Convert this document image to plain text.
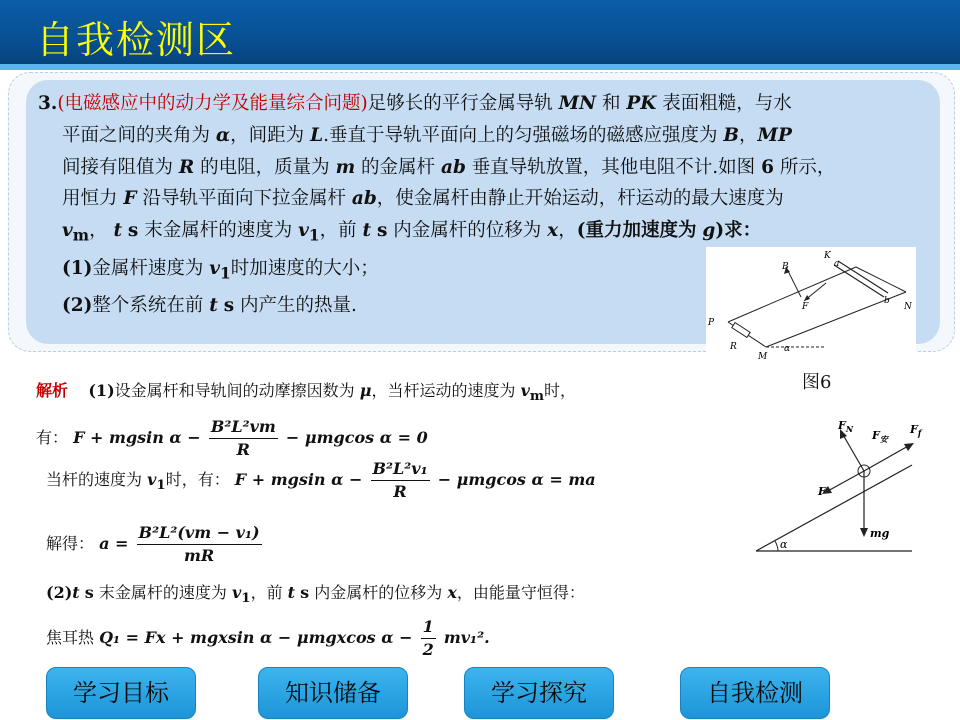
自我检测区
3.(电磁感应中的动力学及能量综合问题)足够长的平行金属导轨 MN 和 PK 表面粗糙，与水
平面之间的夹角为 α，间距为 L.垂直于导轨平面向上的匀强磁场的磁感应强度为 B，MP
间接有阻值为 R 的电阻，质量为 m 的金属杆 ab 垂直导轨放置，其他电阻不计.如图 6 所示，
用恒力 F 沿导轨平面向下拉金属杆 ab，使金属杆由静止开始运动，杆运动的最大速度为
$v_m$， t s 末金属杆的速度为 $v_1$，前 t s 内金属杆的位移为 x，(重力加速度为 g)求：
(1)金属杆速度为 $v_1$时加速度的大小；
(2)整个系统在前 t s 内产生的热量.
B
K
a
F
b
N
P
R	α
M
图6
解析 (1)设金属杆和导轨间的动摩擦因数为 μ，当杆运动的速度为 $v_m$时，
有： F + mgsin $\alpha - \frac{\text{B²L²vm}}{R} - \mu mgcos$ α = 0
当杆的速度为 $v_1$时，有： F + mgsin $\alpha - \frac{\text{B²L²v₁}}{R} - \mu mgcos$ α = ma
解得： $a = \frac{\text{B²L²(vm − v₁)}}{mR}$
(2)t s 末金属杆的速度为 $v_1$，前 t s 内金属杆的位移为 x，由能量守恒得：
焦耳热 Q₁ = Fx + mgxsin α − μmgxcos $\alpha - \frac{1}{2} mv_1^2$.
$F_N$ $F_安$
$F_f$
F
mg
α
学习目标	知识储备	学习探究	自我检测
